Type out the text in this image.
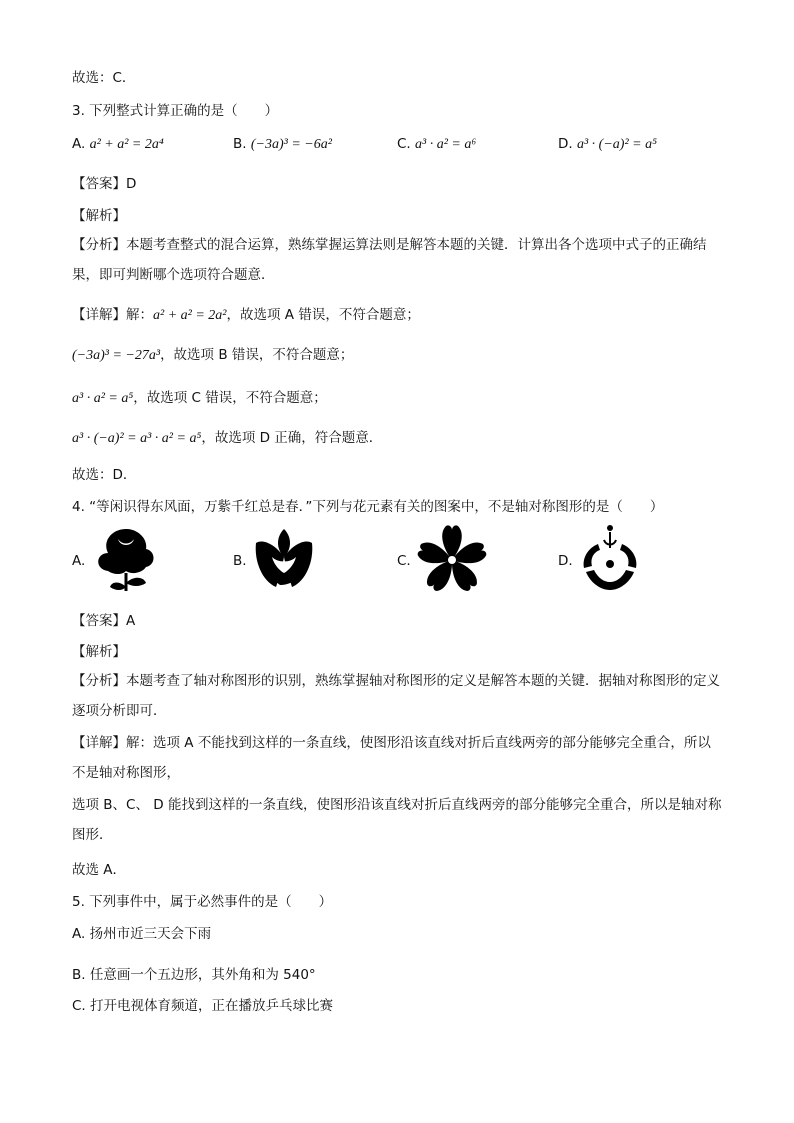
故选：C．
3. 下列整式计算正确的是（　　）
A. a² + a² = 2a⁴	B. (−3a)³ = −6a²	C. a³ · a² = a⁶	D. a³ · (−a)² = a⁵
【答案】D
【解析】
【分析】本题考查整式的混合运算，熟练掌握运算法则是解答本题的关键．计算出各个选项中式子的正确结果，即可判断哪个选项符合题意．
【详解】解：a² + a² = 2a²，故选项 A 错误，不符合题意；
(−3a)³ = −27a³，故选项 B 错误，不符合题意；
a³ · a² = a⁵，故选项 C 错误，不符合题意；
a³ · (−a)² = a³ · a² = a⁵，故选项 D 正确，符合题意．
故选：D．
4. “等闲识得东风面，万紫千红总是春．”下列与花元素有关的图案中，不是轴对称图形的是（　　）
A.	B.	C.	D.
【答案】A
【解析】
【分析】本题考查了轴对称图形的识别，熟练掌握轴对称图形的定义是解答本题的关键．据轴对称图形的定义逐项分析即可．
【详解】解：选项 A 不能找到这样的一条直线，使图形沿该直线对折后直线两旁的部分能够完全重合，所以不是轴对称图形，
选项 B、C、 D 能找到这样的一条直线，使图形沿该直线对折后直线两旁的部分能够完全重合，所以是轴对称图形．
故选 A．
5. 下列事件中，属于必然事件的是（　　）
A. 扬州市近三天会下雨
B. 任意画一个五边形，其外角和为 540°
C. 打开电视体育频道，正在播放乒乓球比赛
